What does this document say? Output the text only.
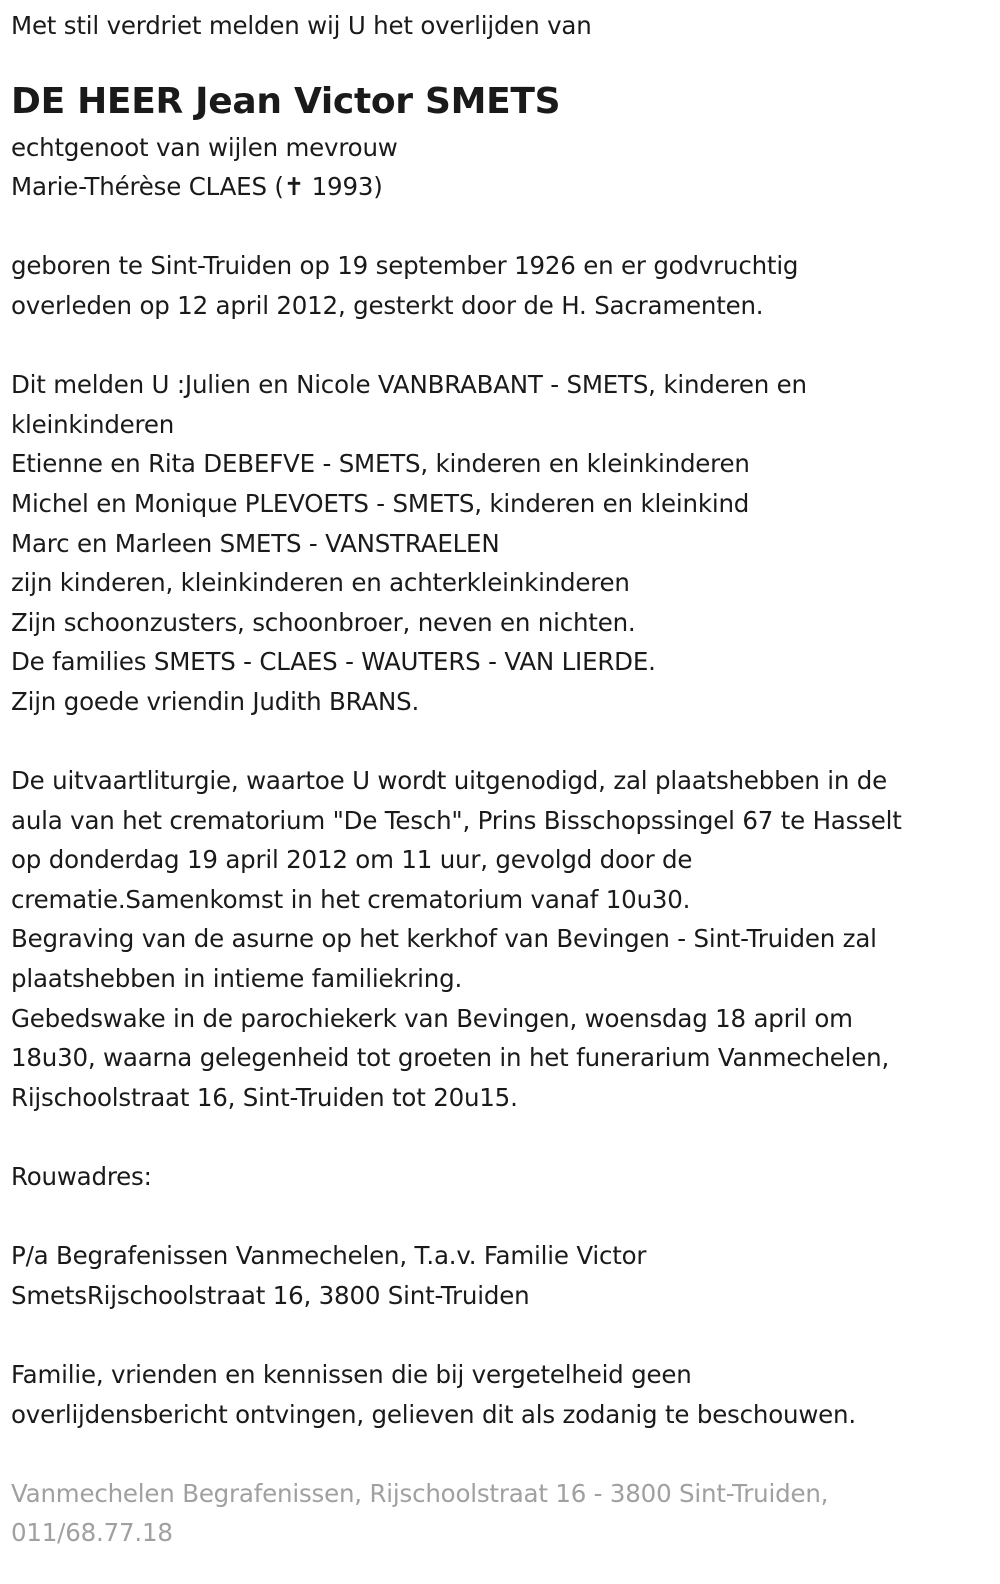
Met stil verdriet melden wij U het overlijden van
DE HEER Jean Victor SMETS
echtgenoot van wijlen mevrouw
Marie-Thérèse CLAES (✝ 1993)
geboren te Sint-Truiden op 19 september 1926 en er godvruchtig
overleden op 12 april 2012, gesterkt door de H. Sacramenten.
Dit melden U :Julien en Nicole VANBRABANT - SMETS, kinderen en
kleinkinderen
Etienne en Rita DEBEFVE - SMETS, kinderen en kleinkinderen
Michel en Monique PLEVOETS - SMETS, kinderen en kleinkind
Marc en Marleen SMETS - VANSTRAELEN
zijn kinderen, kleinkinderen en achterkleinkinderen
Zijn schoonzusters, schoonbroer, neven en nichten.
De families SMETS - CLAES - WAUTERS - VAN LIERDE.
Zijn goede vriendin Judith BRANS.
De uitvaartliturgie, waartoe U wordt uitgenodigd, zal plaatshebben in de
aula van het crematorium "De Tesch", Prins Bisschopssingel 67 te Hasselt
op donderdag 19 april 2012 om 11 uur, gevolgd door de
crematie.Samenkomst in het crematorium vanaf 10u30.
Begraving van de asurne op het kerkhof van Bevingen - Sint-Truiden zal
plaatshebben in intieme familiekring.
Gebedswake in de parochiekerk van Bevingen, woensdag 18 april om
18u30, waarna gelegenheid tot groeten in het funerarium Vanmechelen,
Rijschoolstraat 16, Sint-Truiden tot 20u15.
Rouwadres:
P/a Begrafenissen Vanmechelen, T.a.v. Familie Victor
SmetsRijschoolstraat 16, 3800 Sint-Truiden
Familie, vrienden en kennissen die bij vergetelheid geen
overlijdensbericht ontvingen, gelieven dit als zodanig te beschouwen.
Vanmechelen Begrafenissen, Rijschoolstraat 16 - 3800 Sint-Truiden,
011/68.77.18
